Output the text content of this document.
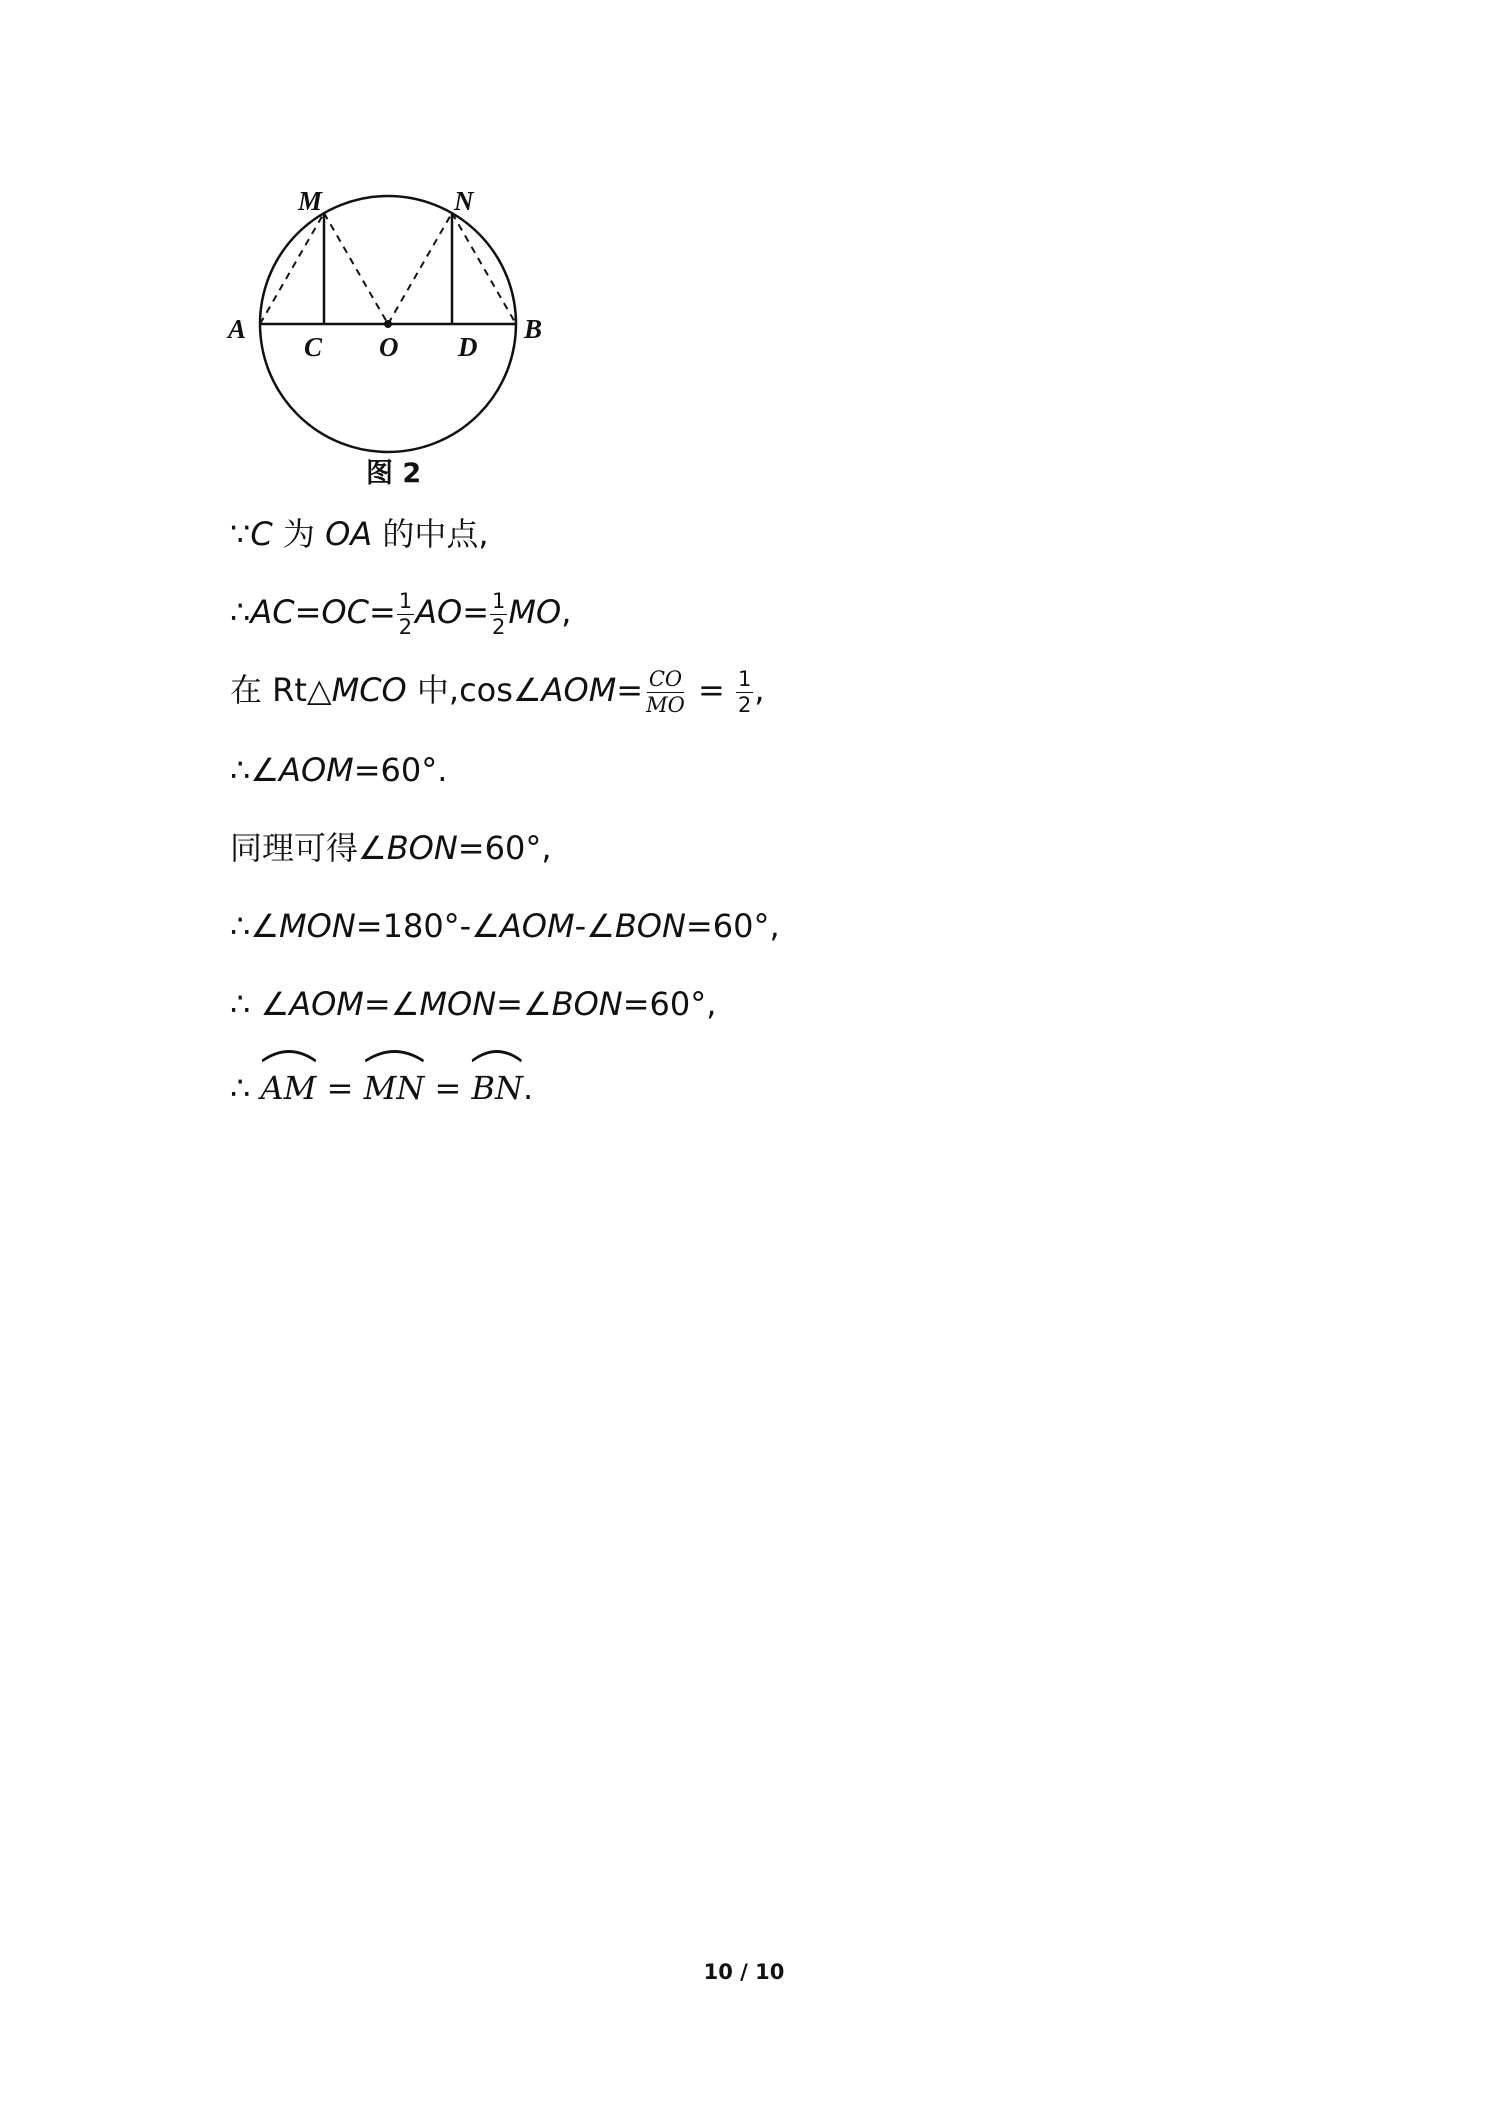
M	N
A
C O D
B
图 2
∵C 为 OA 的中点,
∴AC=OC= $\frac{1}{2} AO= \frac{1}{2}$ MO,
在 Rt△MCO 中,cos∠AOM= $\frac{CO}{MO} = \frac{1}{2}$ ,
∴∠AOM=60°.
同理可得∠BON=60°,
∴∠MON=180°-∠AOM-∠BON=60°,
∴ ∠AOM=∠MON=∠BON=60°,
∴ AM =
MN =
BN.
10 / 10
